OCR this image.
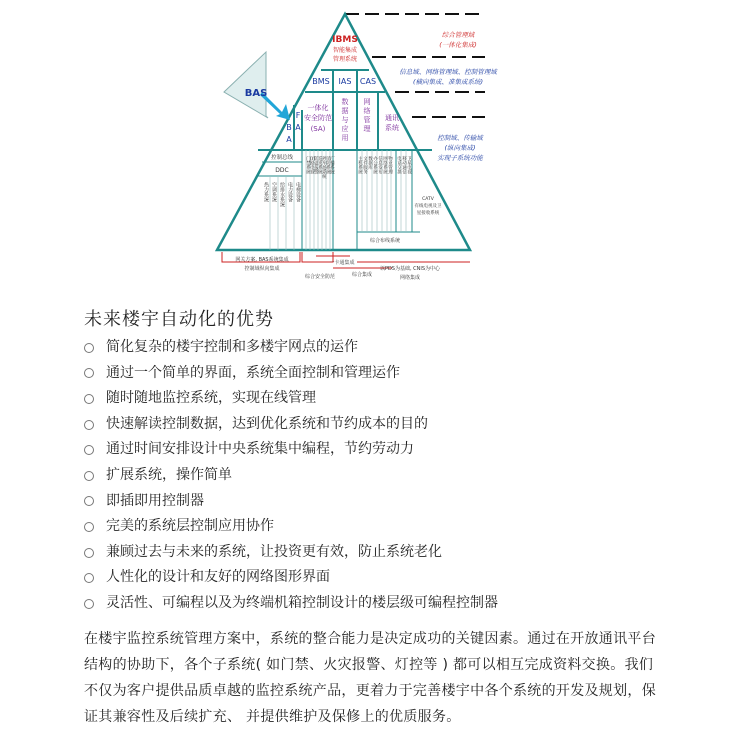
IBMS
智能集成
管理系统
BMS IAS CAS
BAS
B
A
F
A
一体化
安全防范
(SA)
数
据
与
应
用
网
络
管
理
通讯
系统
控制总线
DDC
热力系统 空调系统 给排水系统 电力设备 电梯设备
门禁系统 闭路电视 防盗报警 巡更系统 停车场系统 消防系统 广播系统	主机系统 文件服务 数据库 办公系统 信息发布 网络系统 物业管理 电话交换 移动通信 卫星电视
CATV
有线电视及卫
星接收系统
综合布线系统
综合管理域
(一体化集成)
信息域、网络管理域、控制管理域
(横向集成、准集成系统)
控制域、传输域
(纵向集成)
实现子系统功能
网关方案, BAS系统集成
控制域纵向集成
综合安全防范
一卡通集成
综合集成
以PDS为基础, CNIS为中心
网络集成
未来楼宇自动化的优势
简化复杂的楼宇控制和多楼宇网点的运作
通过一个简单的界面，系统全面控制和管理运作
随时随地监控系统，实现在线管理
快速解读控制数据，达到优化系统和节约成本的目的
通过时间安排设计中央系统集中编程，节约劳动力
扩展系统，操作简单
即插即用控制器
完美的系统层控制应用协作
兼顾过去与未来的系统，让投资更有效，防止系统老化
人性化的设计和友好的网络图形界面
灵活性、可编程以及为终端机箱控制设计的楼层级可编程控制器

在楼宇监控系统管理方案中，系统的整合能力是决定成功的关键因素。通过在开放通讯平台结构的协助下，各个子系统( 如门禁、火灾报警、灯控等 ) 都可以相互完成资料交换。我们不仅为客户提供品质卓越的监控系统产品，更着力于完善楼宇中各个系统的开发及规划，保证其兼容性及后续扩充、 并提供维护及保修上的优质服务。
